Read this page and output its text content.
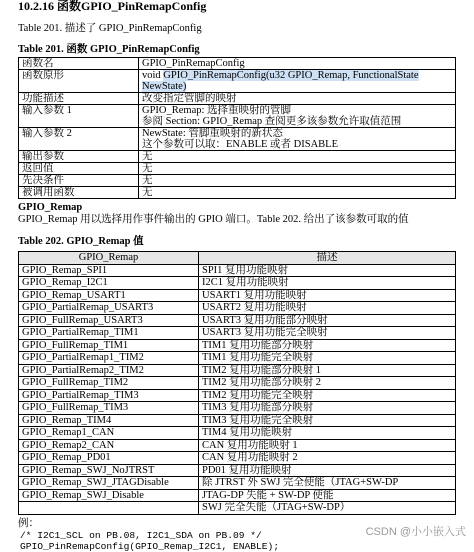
10.2.16 函数GPIO_PinRemapConfig
Table 201. 描述了 GPIO_PinRemapConfig
Table 201. 函数 GPIO_PinRemapConfig
函数名	GPIO_PinRemapConfig

函数原形	void GPIO_PinRemapConfig(u32 GPIO_Remap, FunctionalState NewState)

功能描述	改变指定管脚的映射

输入参数 1	GPIO_Remap: 选择重映射的管脚
参阅 Section: GPIO_Remap 查阅更多该参数允许取值范围

输入参数 2	NewState: 管脚重映射的新状态
这个参数可以取：ENABLE 或者 DISABLE

输出参数	无

返回值	无

先决条件	无

被调用函数	无
GPIO_Remap
GPIO_Remap 用以选择用作事件输出的 GPIO 端口。Table 202. 给出了该参数可取的值
Table 202. GPIO_Remap 值
GPIO_Remap	描述
GPIO_Remap_SPI1	SPI1 复用功能映射
GPIO_Remap_I2C1	I2C1 复用功能映射
GPIO_Remap_USART1	USART1 复用功能映射
GPIO_PartialRemap_USART3	USART2 复用功能映射
GPIO_FullRemap_USART3	USART3 复用功能部分映射
GPIO_PartialRemap_TIM1	USART3 复用功能完全映射
GPIO_FullRemap_TIM1	TIM1 复用功能部分映射
GPIO_PartialRemap1_TIM2	TIM1 复用功能完全映射
GPIO_PartialRemap2_TIM2	TIM2 复用功能部分映射 1
GPIO_FullRemap_TIM2	TIM2 复用功能部分映射 2
GPIO_PartialRemap_TIM3	TIM2 复用功能完全映射
GPIO_FullRemap_TIM3	TIM3 复用功能部分映射
GPIO_Remap_TIM4	TIM3 复用功能完全映射
GPIO_Remap1_CAN	TIM4 复用功能映射
GPIO_Remap2_CAN	CAN 复用功能映射 1
GPIO_Remap_PD01	CAN 复用功能映射 2
GPIO_Remap_SWJ_NoJTRST	PD01 复用功能映射
GPIO_Remap_SWJ_JTAGDisable	除 JTRST 外 SWJ 完全使能（JTAG+SW-DP
GPIO_Remap_SWJ_Disable	JTAG-DP 失能 + SW-DP 使能
	SWJ 完全失能（JTAG+SW-DP）
例：
/* I2C1_SCL on PB.08, I2C1_SDA on PB.09 */
GPIO_PinRemapConfig(GPIO_Remap_I2C1, ENABLE);
CSDN @小小嵌入式
